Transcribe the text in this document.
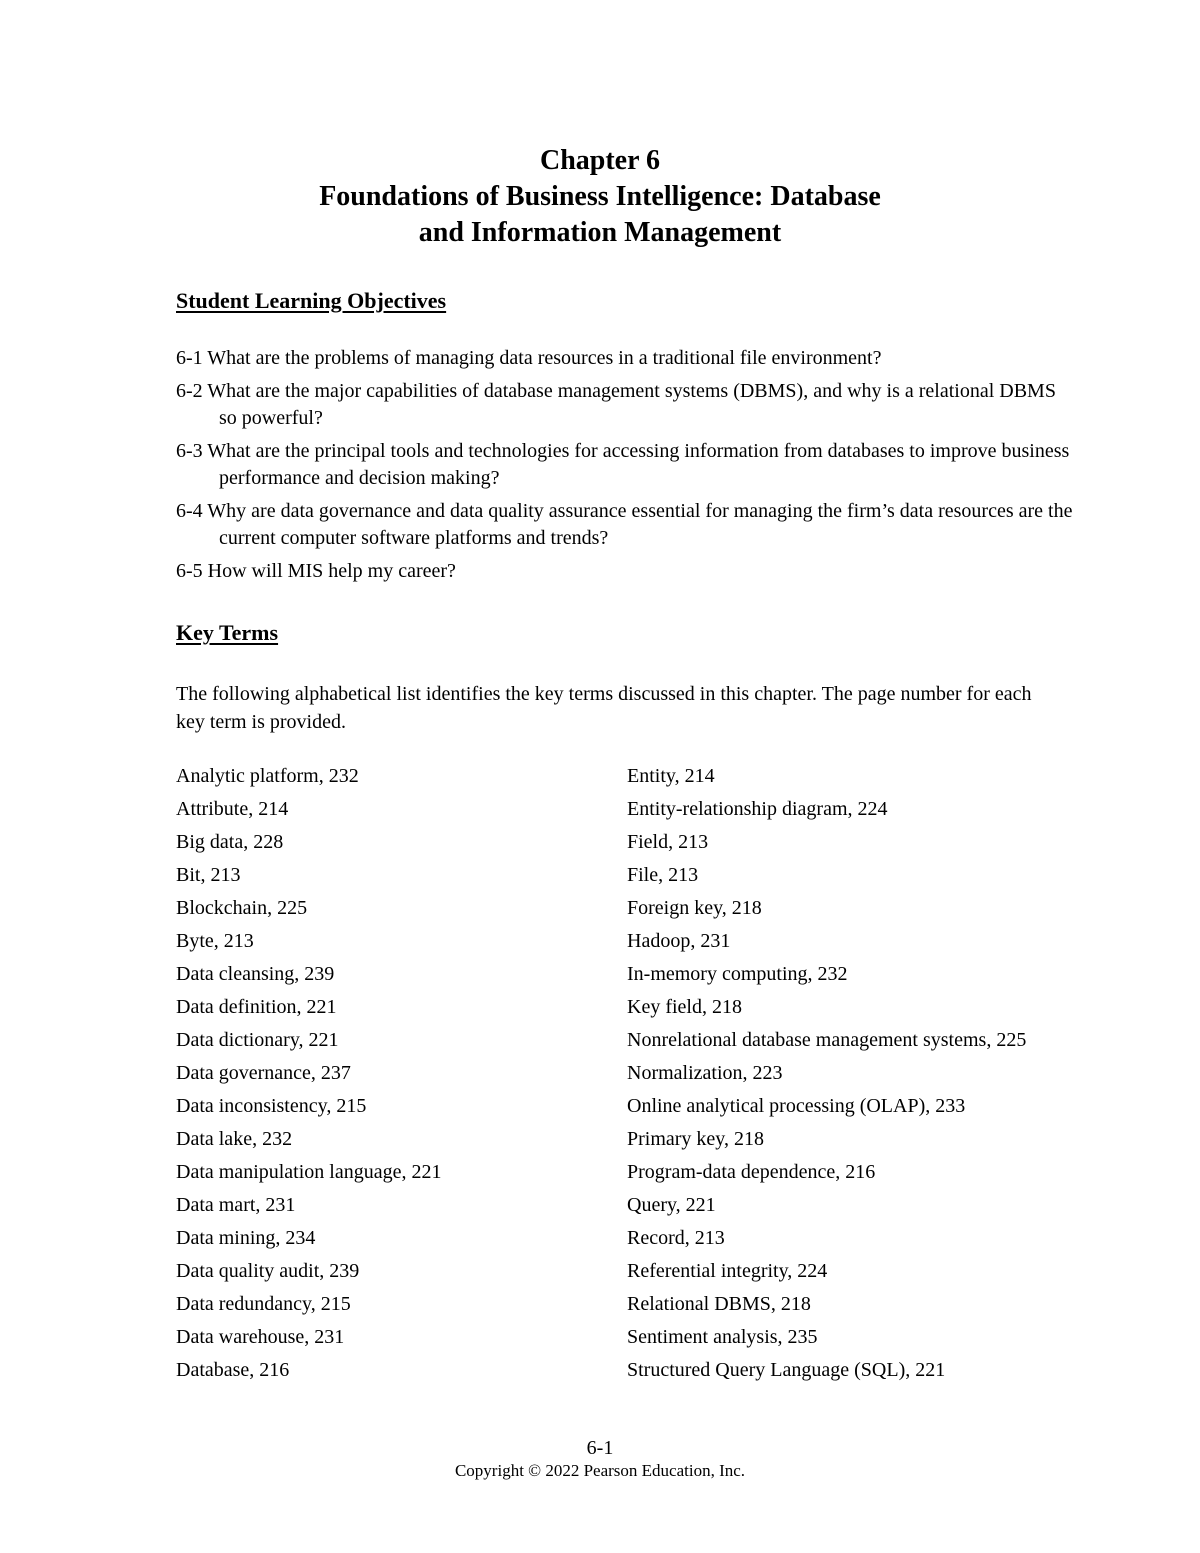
Chapter 6
Foundations of Business Intelligence: Database
and Information Management
Student Learning Objectives
6-1 What are the problems of managing data resources in a traditional file environment?
6-2 What are the major capabilities of database management systems (DBMS), and why is a relational DBMS so powerful?
6-3 What are the principal tools and technologies for accessing information from databases to improve business performance and decision making?
6-4 Why are data governance and data quality assurance essential for managing the firm’s data resources are the current computer software platforms and trends?
6-5 How will MIS help my career?
Key Terms
The following alphabetical list identifies the key terms discussed in this chapter. The page number for each key term is provided.
Analytic platform, 232
Attribute, 214
Big data, 228
Bit, 213
Blockchain, 225
Byte, 213
Data cleansing, 239
Data definition, 221
Data dictionary, 221
Data governance, 237
Data inconsistency, 215
Data lake, 232
Data manipulation language, 221
Data mart, 231
Data mining, 234
Data quality audit, 239
Data redundancy, 215
Data warehouse, 231
Database, 216
Entity, 214
Entity-relationship diagram, 224
Field, 213
File, 213
Foreign key, 218
Hadoop, 231
In-memory computing, 232
Key field, 218
Nonrelational database management systems, 225
Normalization, 223
Online analytical processing (OLAP), 233
Primary key, 218
Program-data dependence, 216
Query, 221
Record, 213
Referential integrity, 224
Relational DBMS, 218
Sentiment analysis, 235
Structured Query Language (SQL), 221
6-1
Copyright © 2022 Pearson Education, Inc.
